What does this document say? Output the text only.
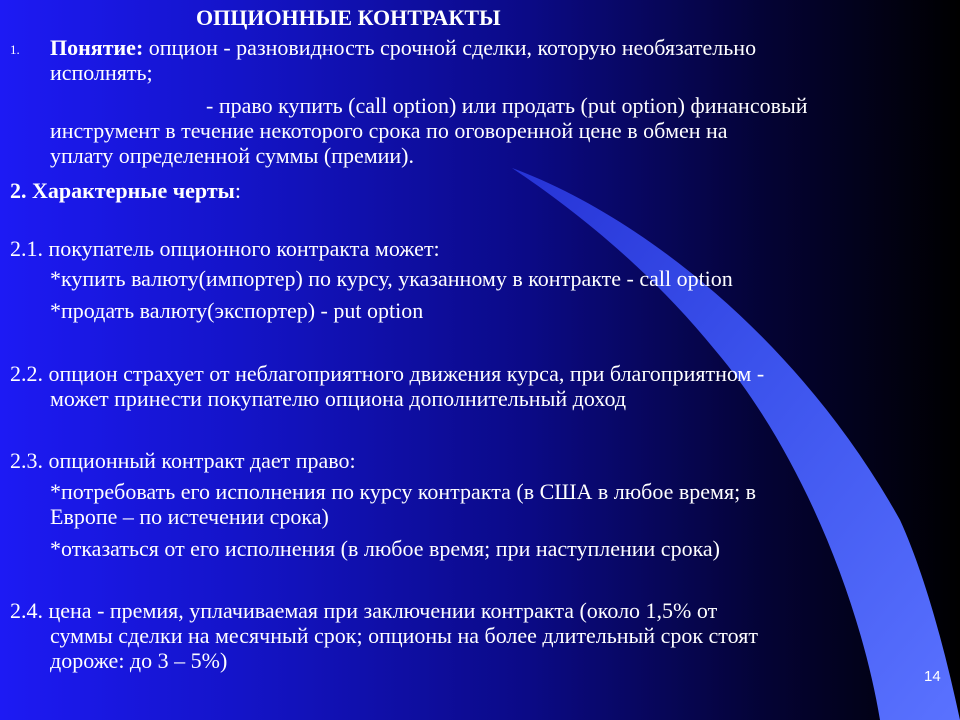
ОПЦИОННЫЕ КОНТРАКТЫ
1. Понятие: опцион - разновидность срочной сделки, которую необязательно
исполнять;
- право купить (call option) или продать (put option) финансовый
инструмент в течение некоторого срока по оговоренной цене в обмен на
уплату определенной суммы (премии).
2. Характерные черты:
2.1. покупатель опционного контракта может:
*купить валюту(импортер) по курсу, указанному в контракте - call option
*продать валюту(экспортер) - put option
2.2. опцион страхует от неблагоприятного движения курса, при благоприятном -
может принести покупателю опциона дополнительный доход
2.3. опционный контракт дает право:
*потребовать его исполнения по курсу контракта (в США в любое время; в
Европе – по истечении срока)
*отказаться от его исполнения (в любое время; при наступлении срока)
2.4. цена - премия, уплачиваемая при заключении контракта (около 1,5% от
суммы сделки на месячный срок; опционы на более длительный срок стоят
дороже: до 3 – 5%)
14
